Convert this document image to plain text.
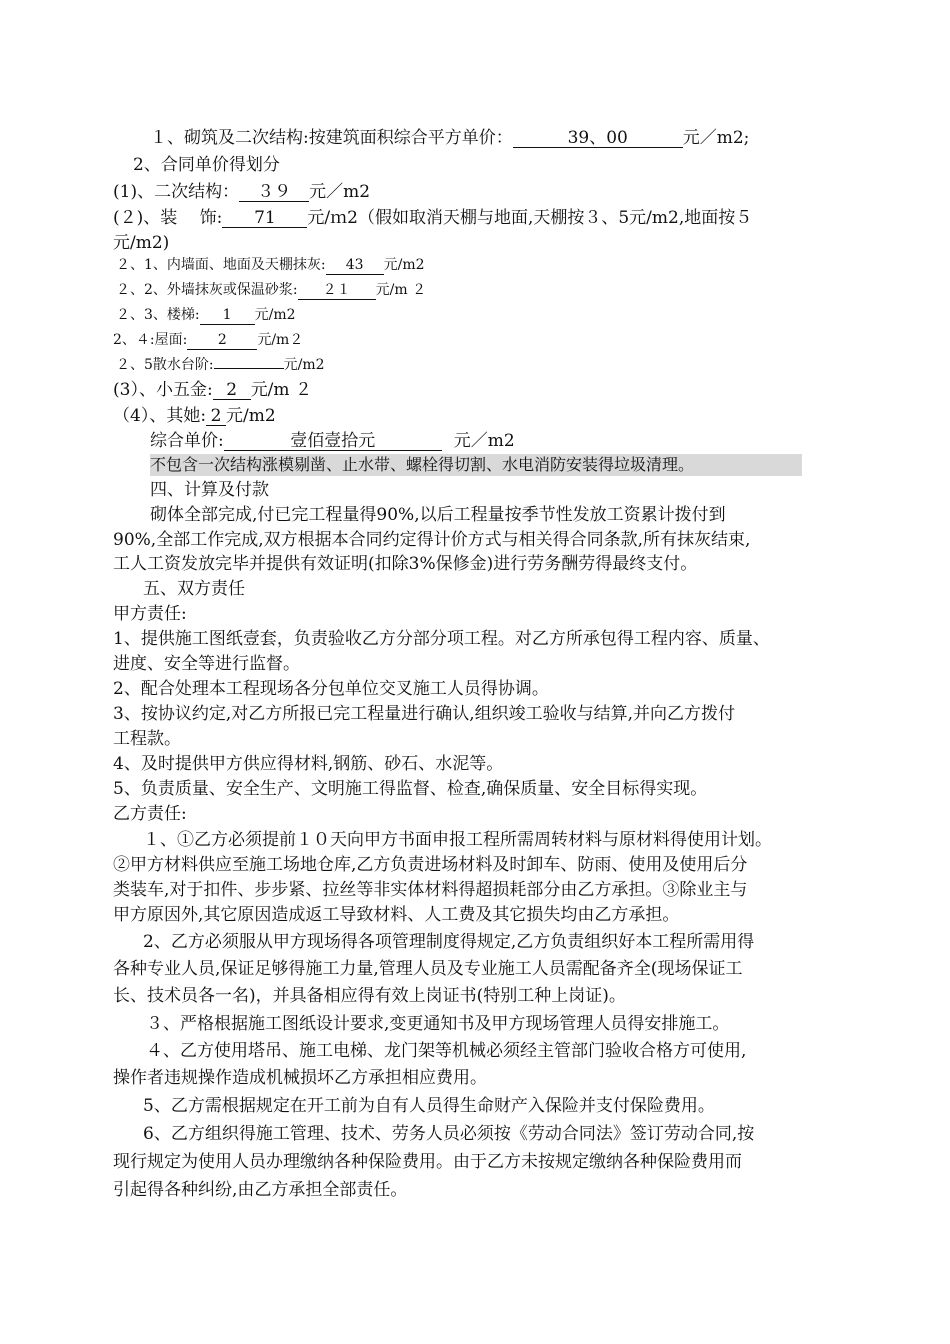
１、砌筑及二次结构:按建筑面积综合平方单价：	39、00	元／m2;
2、合同单价得划分
(1)、二次结构： ３９ 元／m2
(２)、装　 饰: 71 元/ｍ2（假如取消天棚与地面,天棚按３、5元/m2,地面按５
元/m2)
２、1、内墙面、地面及天棚抹灰: 43 元/m2
２、2、外墙抹灰或保温砂浆: ２１ 元/m ２
２、3、楼梯: 1 元/m2
2、４:屋面: 2 元/m２
２、5散水台阶:	元/m2
(3）、小五金: 2 元/m ２
（4）、其她: 2 元/m2
综合单价:	壹佰壹拾元	元／m2
不包含一次结构涨模剔凿、止水带、螺栓得切割、水电消防安装得垃圾清理。
四、计算及付款
砌体全部完成,付已完工程量得90%,以后工程量按季节性发放工资累计拨付到
90%,全部工作完成,双方根据本合同约定得计价方式与相关得合同条款,所有抹灰结束,
工人工资发放完毕并提供有效证明(扣除3%保修金)进行劳务酬劳得最终支付。
五、双方责任
甲方责任:
1、提供施工图纸壹套，负责验收乙方分部分项工程。对乙方所承包得工程内容、质量、
进度、安全等进行监督。
2、配合处理本工程现场各分包单位交叉施工人员得协调。
3、按协议约定,对乙方所报已完工程量进行确认,组织竣工验收与结算,并向乙方拨付
工程款。
4、及时提供甲方供应得材料,钢筋、砂石、水泥等。
5、负责质量、安全生产、文明施工得监督、检查,确保质量、安全目标得实现。
乙方责任:
１、①乙方必须提前１０天向甲方书面申报工程所需周转材料与原材料得使用计划。
②甲方材料供应至施工场地仓库,乙方负责进场材料及时卸车、防雨、使用及使用后分
类装车,对于扣件、步步紧、拉丝等非实体材料得超损耗部分由乙方承担。③除业主与
甲方原因外,其它原因造成返工导致材料、人工费及其它损失均由乙方承担。
2、乙方必须服从甲方现场得各项管理制度得规定,乙方负责组织好本工程所需用得
各种专业人员,保证足够得施工力量,管理人员及专业施工人员需配备齐全(现场保证工
长、技术员各一名)，并具备相应得有效上岗证书(特别工种上岗证)。
３、严格根据施工图纸设计要求,变更通知书及甲方现场管理人员得安排施工。
４、乙方使用塔吊、施工电梯、龙门架等机械必须经主管部门验收合格方可使用,
操作者违规操作造成机械损坏乙方承担相应费用。
5、乙方需根据规定在开工前为自有人员得生命财产入保险并支付保险费用。
6、乙方组织得施工管理、技术、劳务人员必须按《劳动合同法》签订劳动合同,按
现行规定为使用人员办理缴纳各种保险费用。由于乙方未按规定缴纳各种保险费用而
引起得各种纠纷,由乙方承担全部责任。
